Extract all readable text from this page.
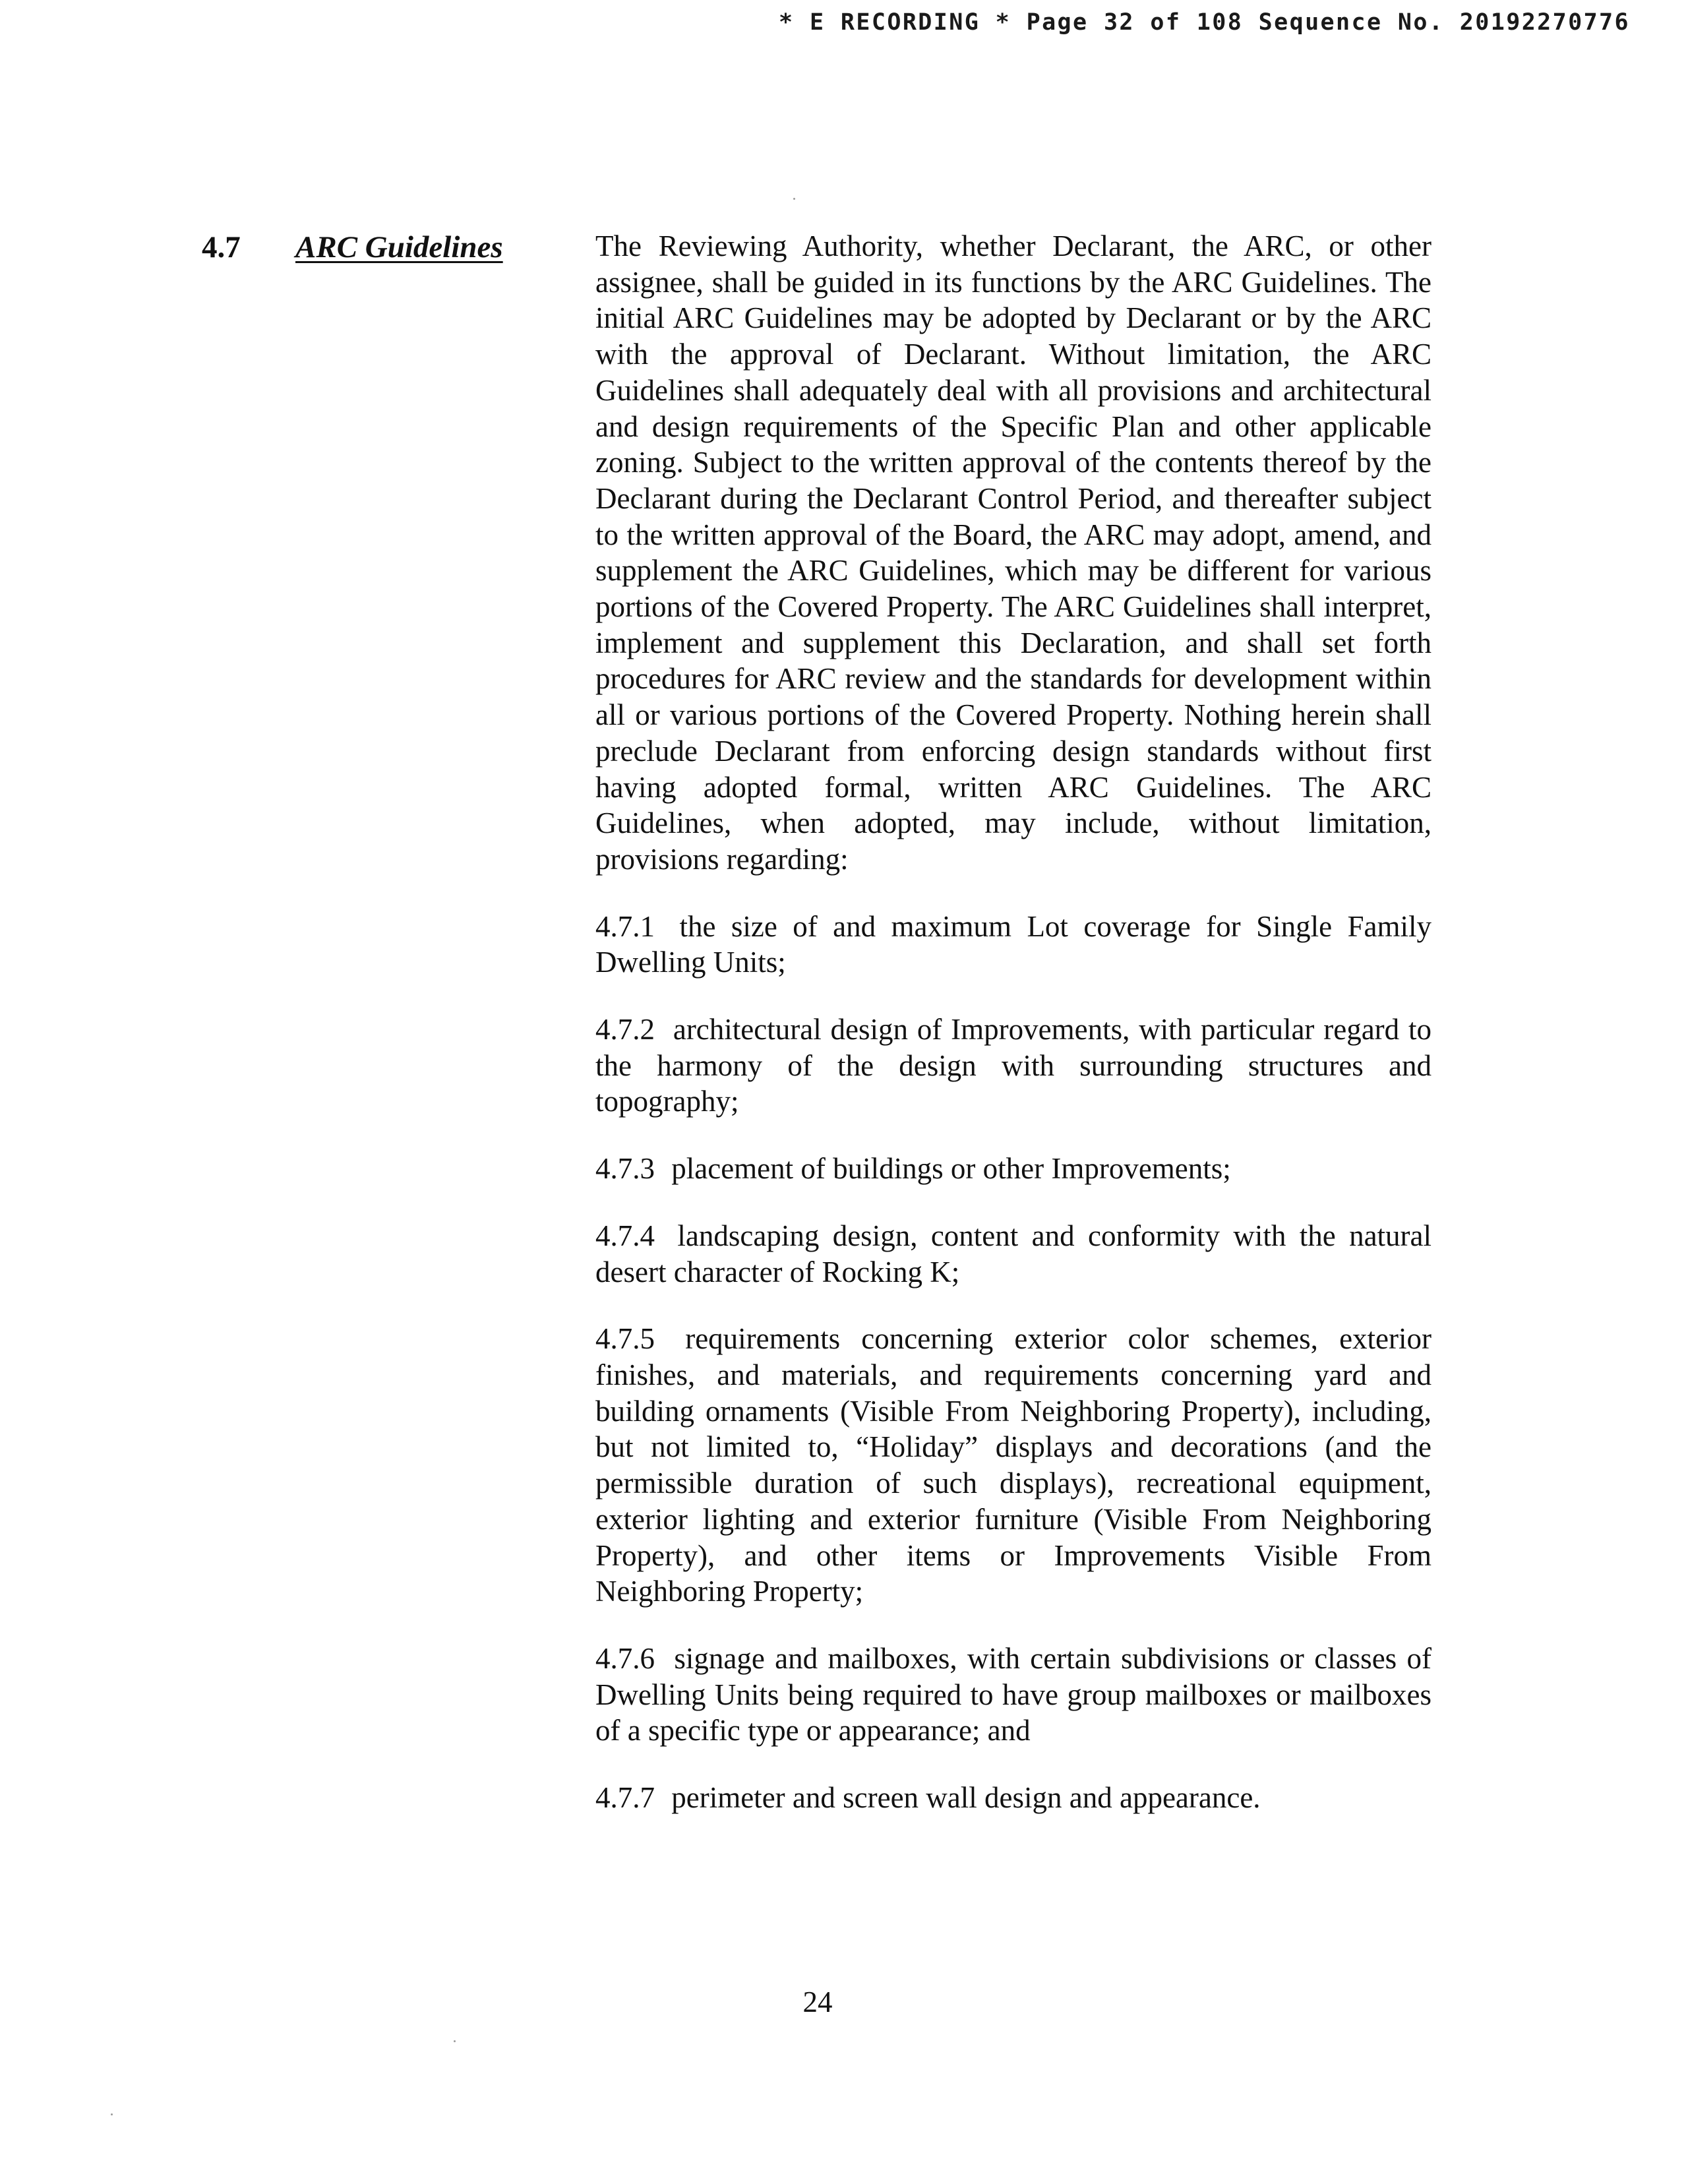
* E RECORDING * Page 32 of 108 Sequence No. 20192270776
4.7 ARC Guidelines	The Reviewing Authority, whether Declarant, the ARC, or other assignee, shall be guided in its functions by the ARC Guidelines. The initial ARC Guidelines may be adopted by Declarant or by the ARC with the approval of Declarant. Without limitation, the ARC Guidelines shall adequately deal with all provisions and architectural and design requirements of the Specific Plan and other applicable zoning. Subject to the written approval of the contents thereof by the Declarant during the Declarant Control Period, and thereafter subject to the written approval of the Board, the ARC may adopt, amend, and supplement the ARC Guidelines, which may be different for various portions of the Covered Property. The ARC Guidelines shall interpret, implement and supplement this Declaration, and shall set forth procedures for ARC review and the standards for development within all or various portions of the Covered Property. Nothing herein shall preclude Declarant from enforcing design standards without first having adopted formal, written ARC Guidelines. The ARC Guidelines, when adopted, may include, without limitation, provisions regarding:

4.7.1 the size of and maximum Lot coverage for Single Family Dwelling Units;

4.7.2 architectural design of Improvements, with particular regard to the harmony of the design with surrounding structures and topography;

4.7.3 placement of buildings or other Improvements;

4.7.4 landscaping design, content and conformity with the natural desert character of Rocking K;

4.7.5 requirements concerning exterior color schemes, exterior finishes, and materials, and requirements concerning yard and building ornaments (Visible From Neighboring Property), including, but not limited to, “Holiday” displays and decorations (and the permissible duration of such displays), recreational equipment, exterior lighting and exterior furniture (Visible From Neighboring Property), and other items or Improvements Visible From Neighboring Property;

4.7.6 signage and mailboxes, with certain subdivisions or classes of Dwelling Units being required to have group mailboxes or mailboxes of a specific type or appearance; and

4.7.7 perimeter and screen wall design and appearance.

24
